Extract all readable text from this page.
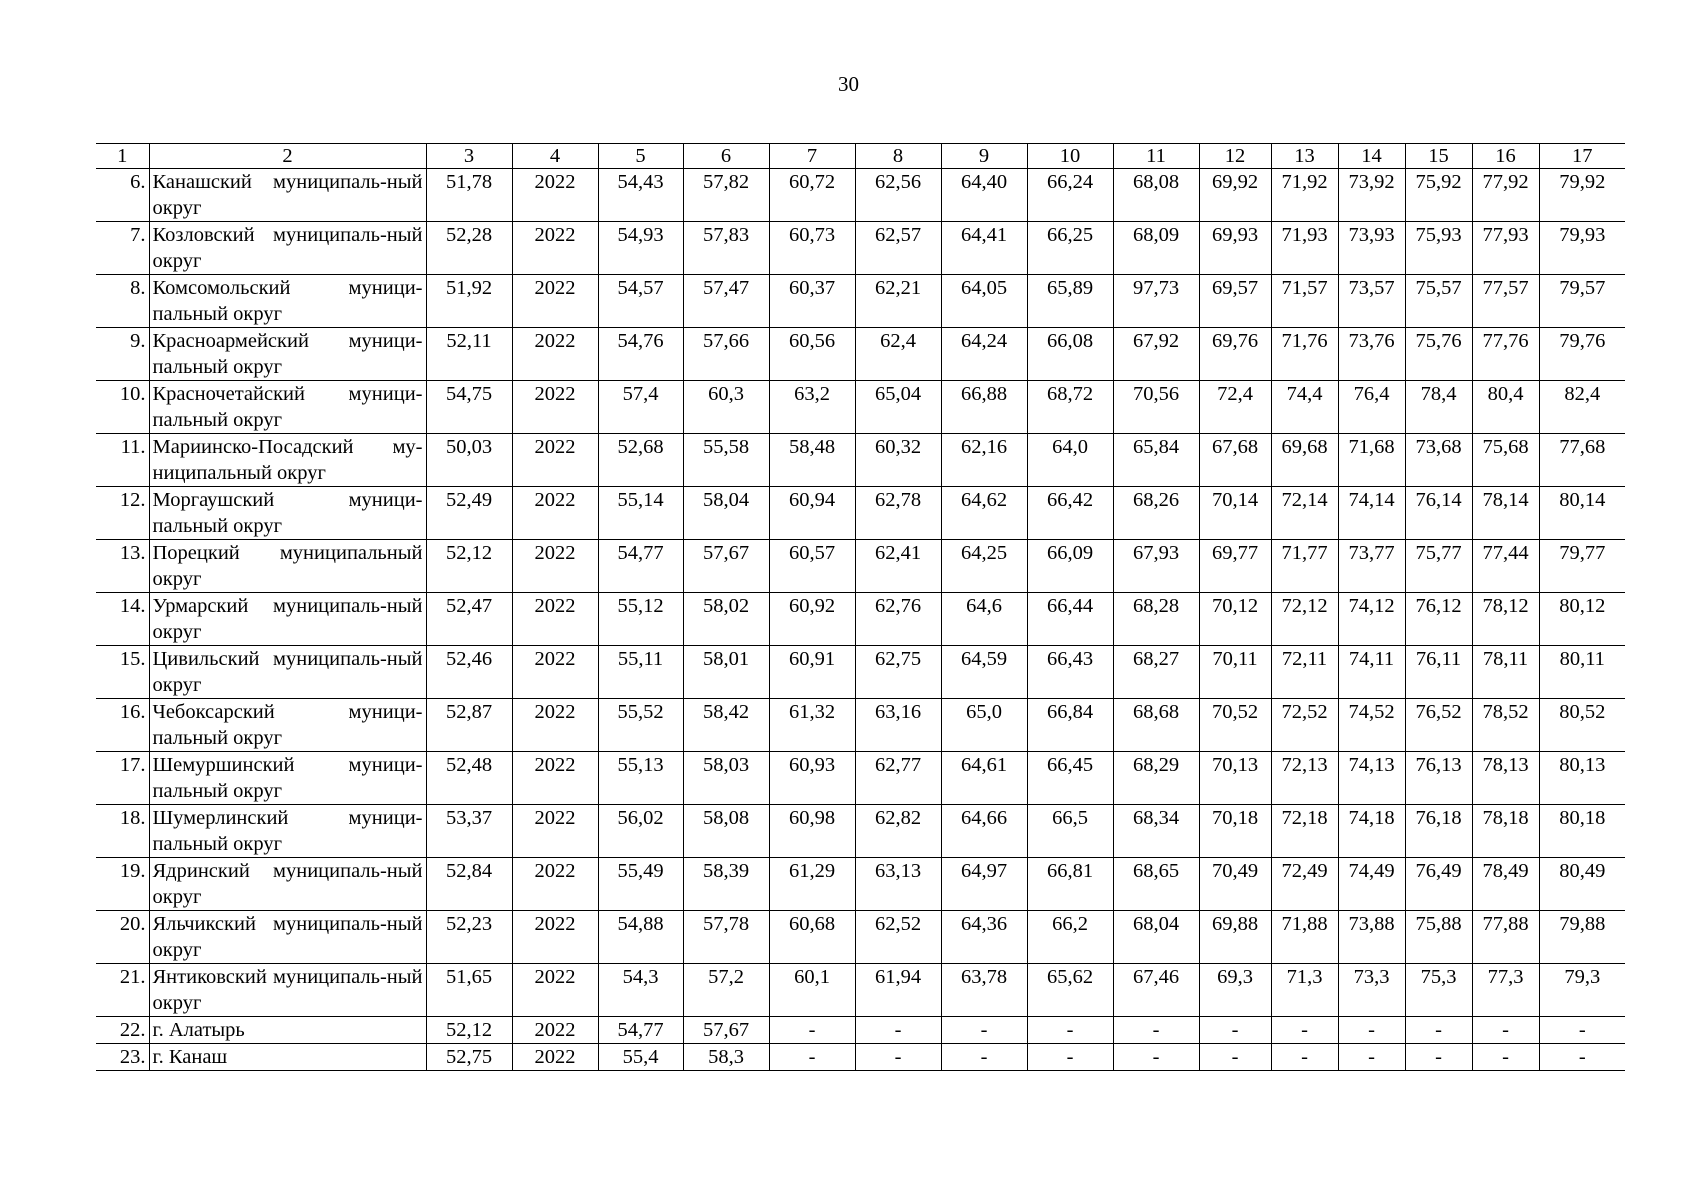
30
1	2	3	4	5	6	7	8	9	10	11	12	13	14	15	16	17
6.	Канашский муниципаль-ный округ	51,78	2022	54,43	57,82	60,72	62,56	64,40	66,24	68,08	69,92	71,92	73,92	75,92	77,92	79,92
7.	Козловский муниципаль-ный округ	52,28	2022	54,93	57,83	60,73	62,57	64,41	66,25	68,09	69,93	71,93	73,93	75,93	77,93	79,93
8.	Комсомольский муници-пальный округ	51,92	2022	54,57	57,47	60,37	62,21	64,05	65,89	97,73	69,57	71,57	73,57	75,57	77,57	79,57
9.	Красноармейский муници-пальный округ	52,11	2022	54,76	57,66	60,56	62,4	64,24	66,08	67,92	69,76	71,76	73,76	75,76	77,76	79,76
10.	Красночетайский муници-пальный округ	54,75	2022	57,4	60,3	63,2	65,04	66,88	68,72	70,56	72,4	74,4	76,4	78,4	80,4	82,4
11.	Мариинско-Посадский му-ниципальный округ	50,03	2022	52,68	55,58	58,48	60,32	62,16	64,0	65,84	67,68	69,68	71,68	73,68	75,68	77,68
12.	Моргаушский муници-пальный округ	52,49	2022	55,14	58,04	60,94	62,78	64,62	66,42	68,26	70,14	72,14	74,14	76,14	78,14	80,14
13.	Порецкий муниципальный округ	52,12	2022	54,77	57,67	60,57	62,41	64,25	66,09	67,93	69,77	71,77	73,77	75,77	77,44	79,77
14.	Урмарский муниципаль-ный округ	52,47	2022	55,12	58,02	60,92	62,76	64,6	66,44	68,28	70,12	72,12	74,12	76,12	78,12	80,12
15.	Цивильский муниципаль-ный округ	52,46	2022	55,11	58,01	60,91	62,75	64,59	66,43	68,27	70,11	72,11	74,11	76,11	78,11	80,11
16.	Чебоксарский муници-пальный округ	52,87	2022	55,52	58,42	61,32	63,16	65,0	66,84	68,68	70,52	72,52	74,52	76,52	78,52	80,52
17.	Шемуршинский муници-пальный округ	52,48	2022	55,13	58,03	60,93	62,77	64,61	66,45	68,29	70,13	72,13	74,13	76,13	78,13	80,13
18.	Шумерлинский муници-пальный округ	53,37	2022	56,02	58,08	60,98	62,82	64,66	66,5	68,34	70,18	72,18	74,18	76,18	78,18	80,18
19.	Ядринский муниципаль-ный округ	52,84	2022	55,49	58,39	61,29	63,13	64,97	66,81	68,65	70,49	72,49	74,49	76,49	78,49	80,49
20.	Яльчикский муниципаль-ный округ	52,23	2022	54,88	57,78	60,68	62,52	64,36	66,2	68,04	69,88	71,88	73,88	75,88	77,88	79,88
21.	Янтиковский муниципаль-ный округ	51,65	2022	54,3	57,2	60,1	61,94	63,78	65,62	67,46	69,3	71,3	73,3	75,3	77,3	79,3
22.	г. Алатырь	52,12	2022	54,77	57,67	-	-	-	-	-	-	-	-	-	-	-
23.	г. Канаш	52,75	2022	55,4	58,3	-	-	-	-	-	-	-	-	-	-	-
